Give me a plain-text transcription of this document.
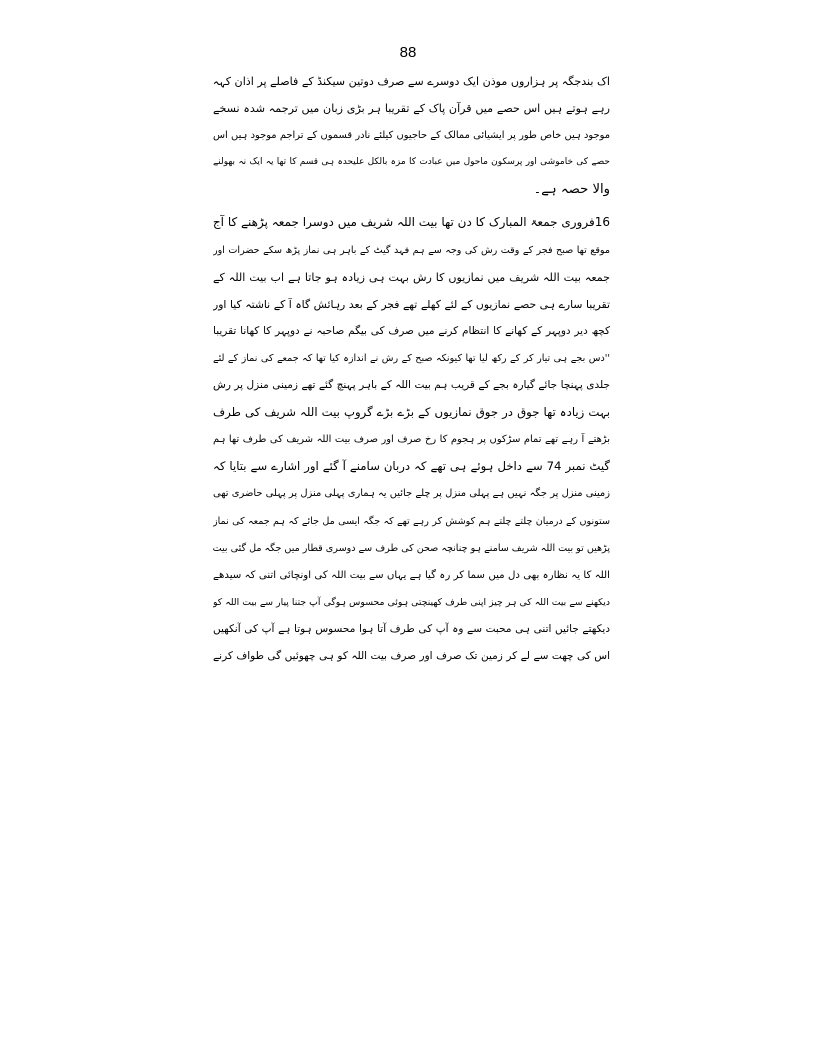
88

اک بندجگہ پر ہزاروں موذن ایک دوسرے سے صرف دوتین سیکنڈ کے فاصلے پر اذان کہہ
رہے ہوتے ہیں اس حصے میں قرآن پاک کے تقریبا ہر بڑی زبان میں ترجمہ شدہ نسخے
موجود ہیں خاص طور پر ایشیائی ممالک کے حاجیوں کیلئے نادر قسموں کے تراجم موجود ہیں اس
حصے کی خاموشی اور پرسکون ماحول میں عبادت کا مزہ بالکل علیحدہ ہی قسم کا تھا یہ ایک نہ بھولنے
والا حصہ ہے۔

16فروری جمعۃ المبارک کا دن تھا بیت اللہ شریف میں دوسرا جمعہ پڑھنے کا آج
موقع تھا صبح فجر کے وقت رش کی وجہ سے ہم فہد گیٹ کے باہر ہی نماز پڑھ سکے حضرات اور
جمعہ بیت اللہ شریف میں نمازیوں کا رش بہت ہی زیادہ ہو جاتا ہے اب بیت اللہ کے
تقریبا سارے ہی حصے نمازیوں کے لئے کھلے تھے فجر کے بعد رہائش گاہ آ کے ناشتہ کیا اور
کچھ دیر دوپہر کے کھانے کا انتظام کرنے میں صرف کی بیگم صاحبہ نے دوپہر کا کھانا تقریبا
''دس بجے ہی تیار کر کے رکھ لیا تھا کیونکہ صبح کے رش نے اندازہ کیا تھا کہ جمعے کی نماز کے لئے
جلدی پہنچا جائے گیارہ بجے کے قریب ہم بیت اللہ کے باہر پہنچ گئے تھے زمینی منزل پر رش
بہت زیادہ تھا جوق در جوق نمازیوں کے بڑے بڑے گروپ بیت اللہ شریف کی طرف
بڑھتے آ رہے تھے تمام سڑکوں پر ہجوم کا رخ صرف اور صرف بیت اللہ شریف کی طرف تھا ہم
گیٹ نمبر 74 سے داخل ہوئے ہی تھے کہ دربان سامنے آ گئے اور اشارے سے بتایا کہ
زمینی منزل پر جگہ نہیں ہے پہلی منزل پر چلے جائیں یہ ہماری پہلی منزل پر پہلی حاضری تھی
ستونوں کے درمیان چلتے چلتے ہم کوشش کر رہے تھے کہ جگہ ایسی مل جائے کہ ہم جمعہ کی نماز
پڑھیں تو بیت اللہ شریف سامنے ہو چنانچہ صحن کی طرف سے دوسری قطار میں جگہ مل گئی بیت
اللہ کا یہ نظارہ بھی دل میں سما کر رہ گیا ہے یہاں سے بیت اللہ کی اونچائی اتنی کہ سیدھے
دیکھنے سے بیت اللہ کی ہر چیز اپنی طرف کھینچتی ہوئی محسوس ہوگی آپ جتنا پیار سے بیت اللہ کو
دیکھتے جائیں اتنی ہی محبت سے وہ آپ کی طرف آتا ہوا محسوس ہوتا ہے آپ کی آنکھیں
اس کی چھت سے لے کر زمین تک صرف اور صرف بیت اللہ کو ہی چھوئیں گی طواف کرنے
